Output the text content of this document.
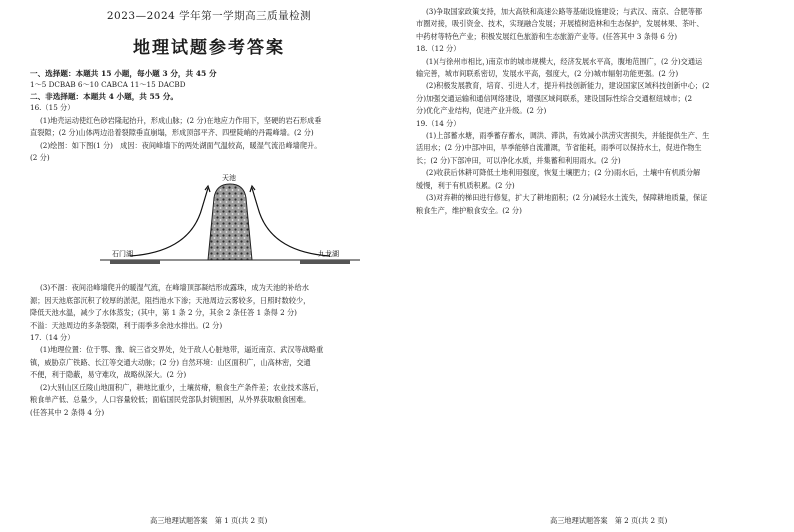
2023—2024 学年第一学期高三质量检测
地理试题参考答案
一、选择题：本题共 15 小题，每小题 3 分，共 45 分

1～5 DCBAB 6～10 CABCA 11～15 DACBD

二、非选择题：本题共 4 小题，共 55 分。

16.（15 分）

(1)地壳运动使红色砂岩隆起抬升，形成山脉；(2 分)在地应力作用下，坚硬的岩石形成垂

直裂隙；(2 分)山体两边沿着裂隙垂直崩塌，形成顶部平齐、四壁陡峭的丹霞峰墙。(2 分)

(2)绘图：如下图(1 分)　成因：夜间峰墙下的两处湖面气温较高，暖湿气流沿峰墙爬升。

(2 分)

天池
石门湖	九龙湖

(3)不涸：夜间沿峰墙爬升的暖湿气流，在峰墙顶部凝结形成露珠，成为天池的补给水

源；因天池底部沉积了较厚的淤泥，阻挡池水下渗；天池周边云雾较多，日照时数较少，

降低天池水温，减少了水体蒸发；(其中，第 1 条 2 分，其余 2 条任答 1 条得 2 分)

不溢：天池周边的多条裂隙，利于雨季多余池水排出。(2 分)

17.（14 分）

(1)地理位置：位于鄂、豫、皖三省交界处，处于敌人心脏地带，逼近南京、武汉等战略重

镇，威胁京广铁路、长江等交通大动脉；(2 分) 自然环境：山区面积广，山高林密，交通

不便，利于隐蔽，易守难攻，战略纵深大。(2 分)

(2)大别山区丘陵山地面积广，耕地比重少，土壤贫瘠，粮食生产条件差；农业技术落后，

粮食单产低、总量少，人口容量较低；面临国民党部队封锁围困，从外界获取粮食困难。

(任答其中 2 条得 4 分)

高三地理试题答案　第 1 页(共 2 页)

(3)争取国家政策支持，加大高铁和高速公路等基础设施建设；与武汉、南京、合肥等都

市圈对接，吸引资金、技术，实现融合发展；开展植树造林和生态保护，发展林果、茶叶、

中药材等特色产业；积极发展红色旅游和生态旅游产业等。(任答其中 3 条得 6 分)

18.（12 分）

(1)(与徐州市相比，)南京市的城市规模大，经济发展水平高，腹地范围广，(2 分)交通运

输完善，城市间联系密切，发展水平高，强度大，(2 分)城市辐射功能更强。(2 分)

(2)积极发展教育，培育、引进人才，提升科技创新能力，建设国家区域科技创新中心；(2

分)加强交通运输和通信网络建设，增强区域间联系，建设国际性综合交通枢纽城市；(2

分)优化产业结构，促进产业升级。(2 分)

19.（14 分）

(1)上部蓄水塘，雨季蓄存蓄水，调洪、滞洪，有效减小洪涝灾害损失，并能提供生产、生

活用水；(2 分)中部冲田，旱季能够自流灌溉，节省能耗，雨季可以保持水土，促进作物生

长；(2 分)下部冲田，可以净化水质，并集蓄和利用雨水。(2 分)

(2)收获后休耕可降低土地利用强度，恢复土壤肥力；(2 分)雨水后，土壤中有机质分解

缓慢，利于有机质积累。(2 分)

(3)对弃耕的梯田进行修复，扩大了耕地面积；(2 分)减轻水土流失，保障耕地质量，保证

粮食生产，维护粮食安全。(2 分)

高三地理试题答案　第 2 页(共 2 页)
